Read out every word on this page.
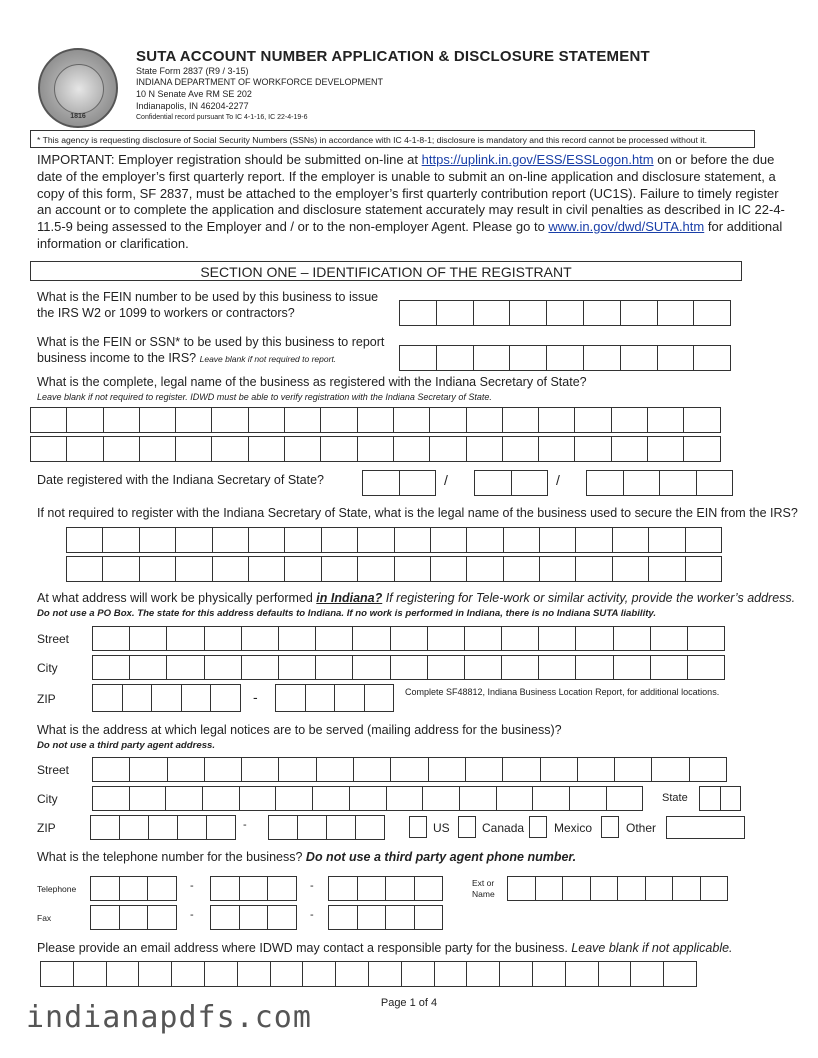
1816
SUTA ACCOUNT NUMBER APPLICATION & DISCLOSURE STATEMENT
State Form 2837 (R9 / 3-15)
INDIANA DEPARTMENT OF WORKFORCE DEVELOPMENT
10 N Senate Ave RM SE 202
Indianapolis, IN 46204-2277
Confidential record pursuant To IC 4-1-16, IC 22-4-19-6
* This agency is requesting disclosure of Social Security Numbers (SSNs) in accordance with IC 4-1-8-1; disclosure is mandatory and this record cannot be processed without it.
IMPORTANT: Employer registration should be submitted on-line at https://uplink.in.gov/ESS/ESSLogon.htm on or before the due date of the employer’s first quarterly report. If the employer is unable to submit an on-line application and disclosure statement, a copy of this form, SF 2837, must be attached to the employer’s first quarterly contribution report (UC1S). Failure to timely register an account or to complete the application and disclosure statement accurately may result in civil penalties as described in IC 22-4-11.5-9 being assessed to the Employer and / or to the non-employer Agent. Please go to www.in.gov/dwd/SUTA.htm for additional information or clarification.
SECTION ONE – IDENTIFICATION OF THE REGISTRANT
What is the FEIN number to be used by this business to issue the IRS W2 or 1099 to workers or contractors?
What is the FEIN or SSN* to be used by this business to report business income to the IRS? Leave blank if not required to report.
What is the complete, legal name of the business as registered with the Indiana Secretary of State?
Leave blank if not required to register. IDWD must be able to verify registration with the Indiana Secretary of State.
Date registered with the Indiana Secretary of State?	/	/
If not required to register with the Indiana Secretary of State, what is the legal name of the business used to secure the EIN from the IRS?
At what address will work be physically performed in Indiana? If registering for Tele-work or similar activity, provide the worker’s address.
Do not use a PO Box. The state for this address defaults to Indiana. If no work is performed in Indiana, there is no Indiana SUTA liability.
Street
City
ZIP	-	Complete SF48812, Indiana Business Location Report, for additional locations.
What is the address at which legal notices are to be served (mailing address for the business)?
Do not use a third party agent address.
Street
City	State
ZIP	-	US	Canada Mexico	Other
What is the telephone number for the business? Do not use a third party agent phone number.
Telephone	-	-	Ext or Name
Fax	-	-
Please provide an email address where IDWD may contact a responsible party for the business. Leave blank if not applicable.
Page 1 of 4
indianapdfs.com
